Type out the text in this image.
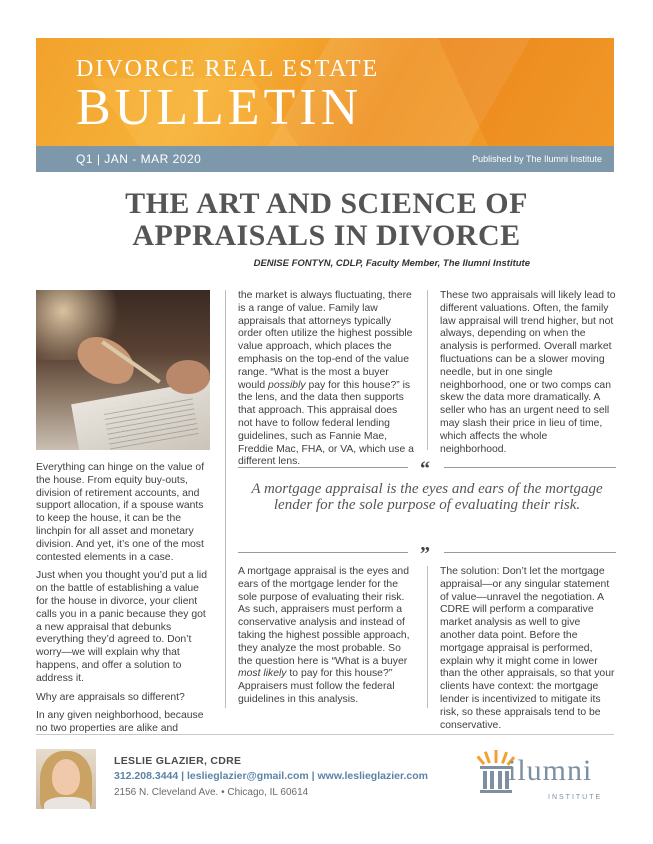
DIVORCE REAL ESTATE
BULLETIN
Q1 | JAN - MAR 2020	Published by The Ilumni Institute
THE ART AND SCIENCE OF
APPRAISALS IN DIVORCE
DENISE FONTYN, CDLP, Faculty Member, The Ilumni Institute

Everything can hinge on the value of the house. From equity buy-outs, division of retirement accounts, and support allocation, if a spouse wants to keep the house, it can be the linchpin for all asset and monetary division. And yet, it’s one of the most contested elements in a case.

Just when you thought you’d put a lid on the battle of establishing a value for the house in divorce, your client calls you in a panic because they got a new appraisal that debunks everything they’d agreed to. Don’t worry—we will explain why that happens, and offer a solution to address it.

Why are appraisals so different?

In any given neighborhood, because no two properties are alike and

the market is always fluctuating, there is a range of value. Family law appraisals that attorneys typically order often utilize the highest possible value approach, which places the emphasis on the top-end of the value range. “What is the most a buyer would possibly pay for this house?” is the lens, and the data then supports that approach. This appraisal does not have to follow federal lending guidelines, such as Fannie Mae, Freddie Mac, FHA, or VA, which use a different lens.

These two appraisals will likely lead to different valuations. Often, the family law appraisal will trend higher, but not always, depending on when the analysis is performed. Overall market fluctuations can be a slower moving needle, but in one single neighborhood, one or two comps can skew the data more dramatically. A seller who has an urgent need to sell may slash their price in lieu of time, which affects the whole neighborhood.

“
A mortgage appraisal is the eyes and ears of the mortgage lender for the sole purpose of evaluating their risk.
”

A mortgage appraisal is the eyes and ears of the mortgage lender for the sole purpose of evaluating their risk. As such, appraisers must perform a conservative analysis and instead of taking the highest possible approach, they analyze the most probable. So the question here is “What is a buyer most likely to pay for this house?” Appraisers must follow the federal guidelines in this analysis.

The solution: Don’t let the mortgage appraisal—or any singular statement of value—unravel the negotiation. A CDRE will perform a comparative market analysis as well to give another data point. Before the mortgage appraisal is performed, explain why it might come in lower than the other appraisals, so that your clients have context: the mortgage lender is incentivized to mitigate its risk, so these appraisals tend to be conservative.

LESLIE GLAZIER, CDRE
312.208.3444 | leslieglazier@gmail.com | www.leslieglazier.com
2156 N. Cleveland Ave. • Chicago, IL 60614
ilumni
INSTITUTE
